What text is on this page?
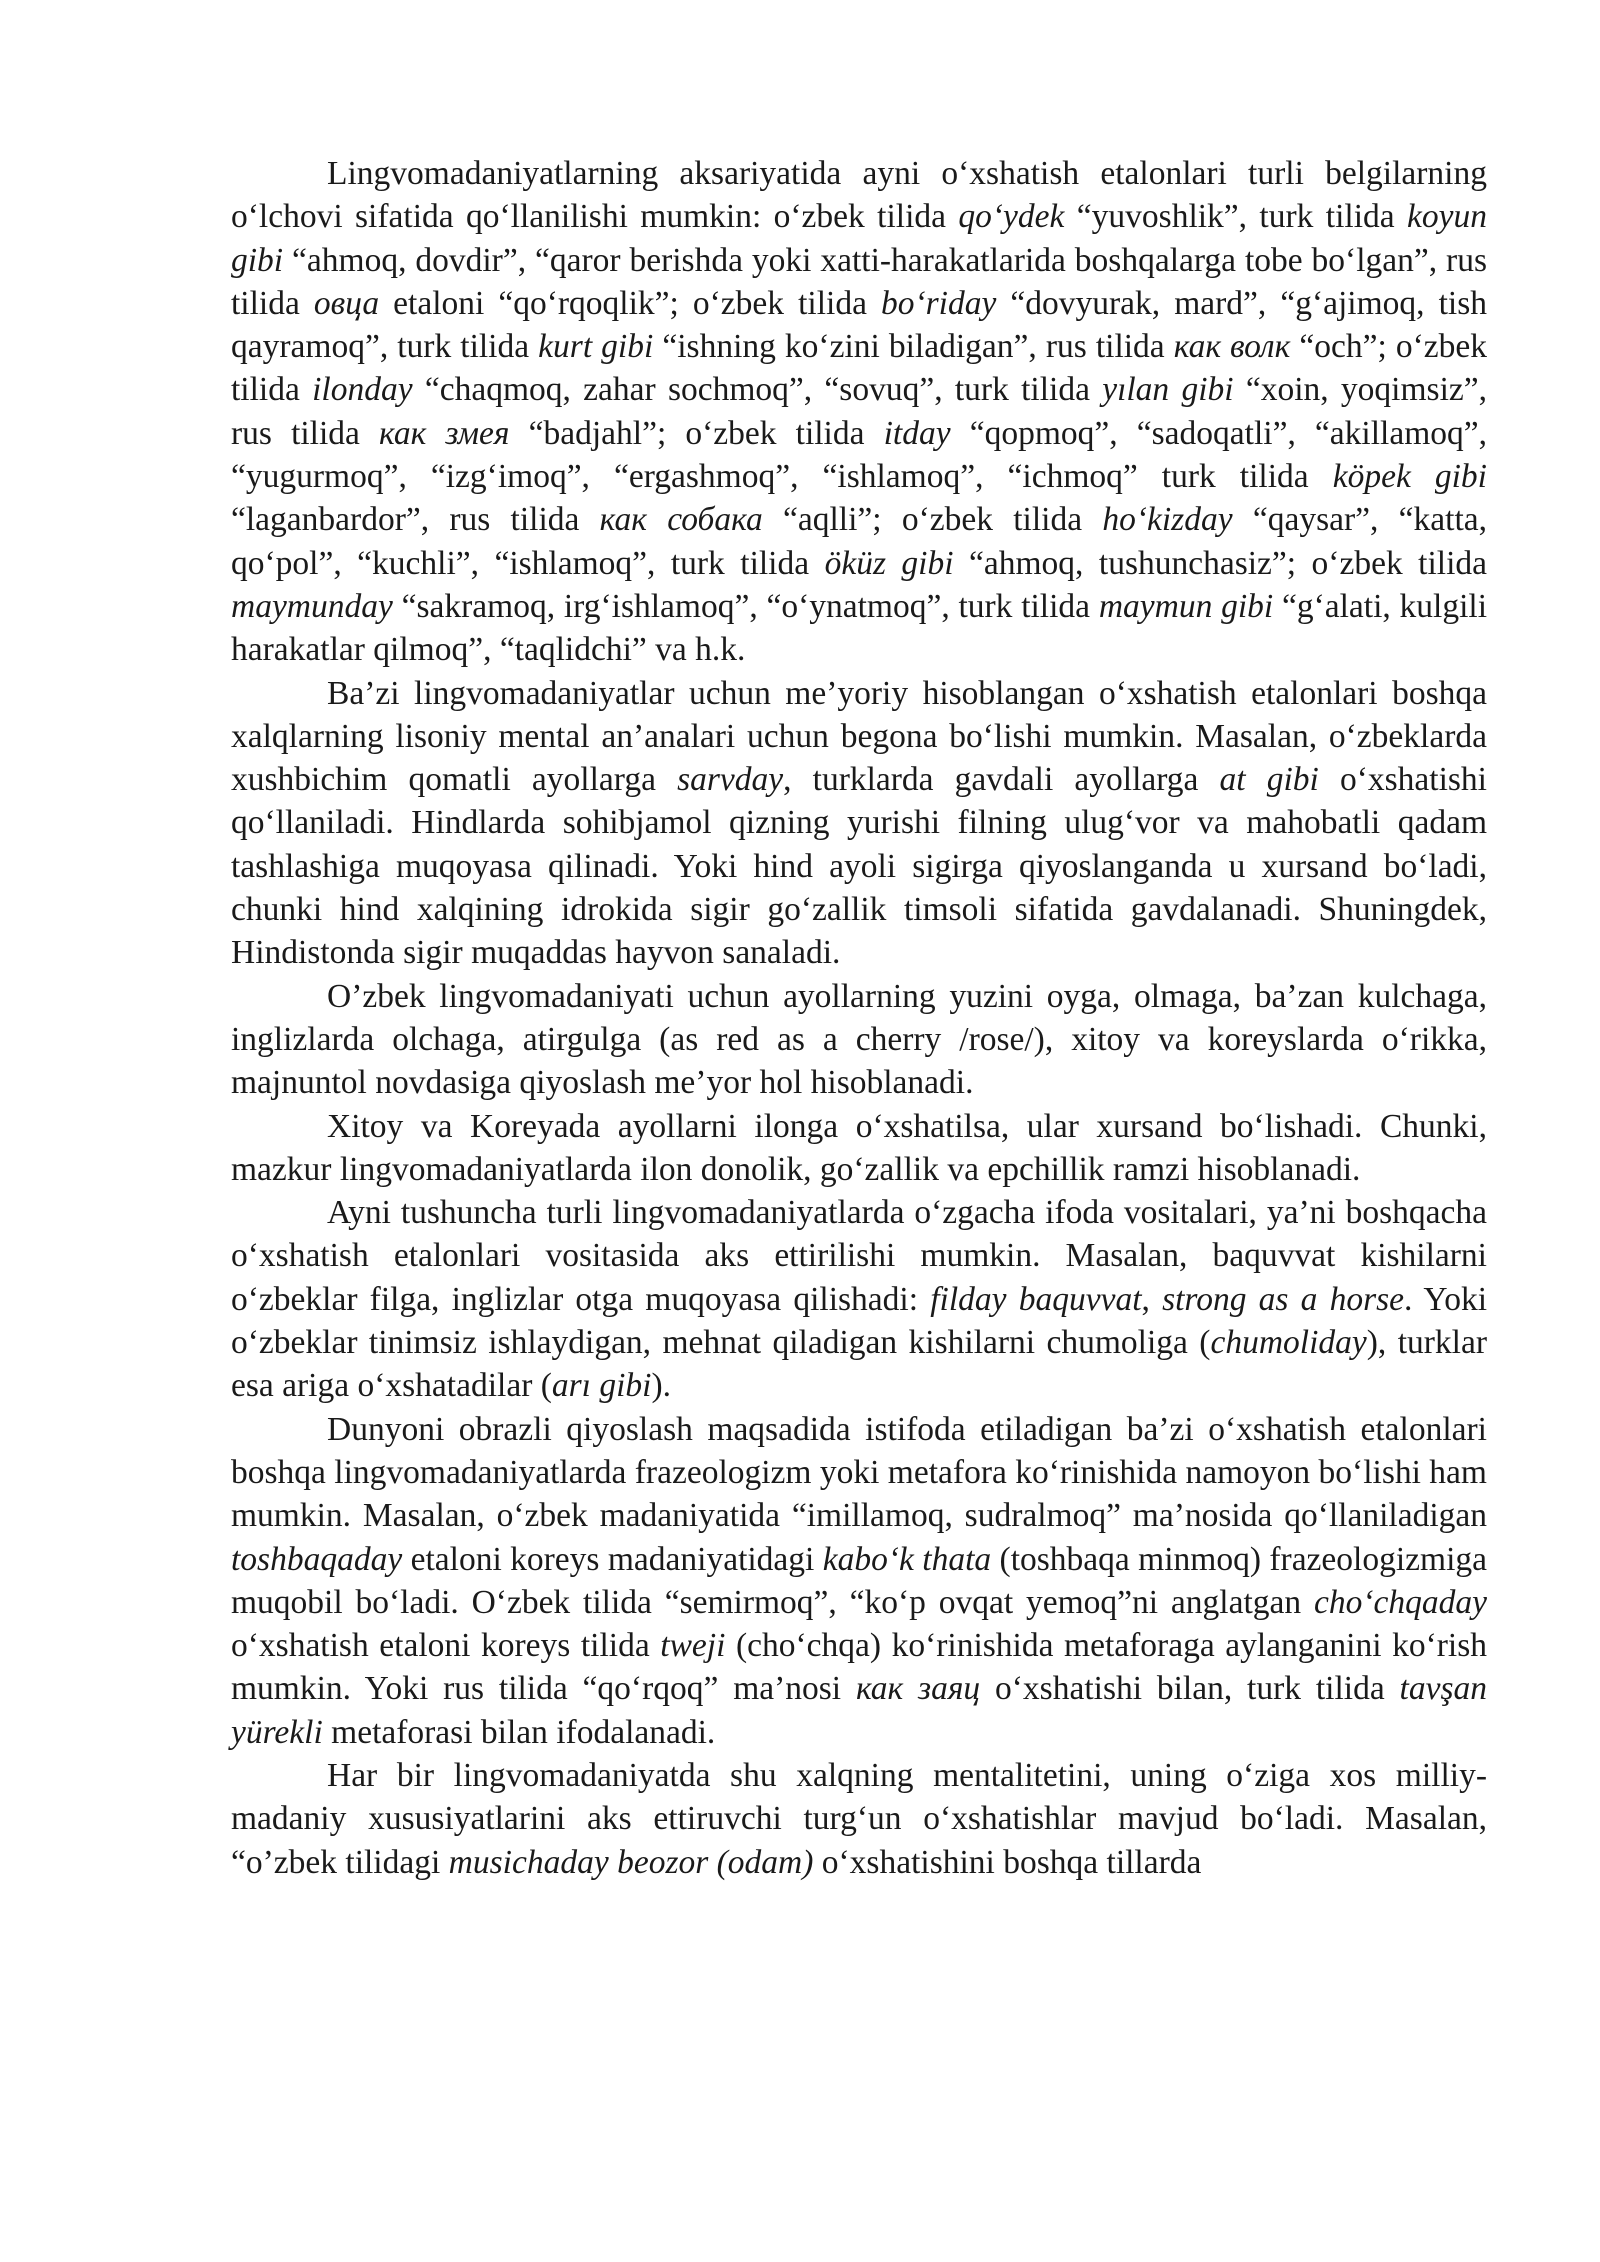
Lingvomadaniyatlarning aksariyatida ayni o‘xshatish etalonlari turli belgilarning o‘lchovi sifatida qo‘llanilishi mumkin: o‘zbek tilida qo‘ydek “yuvoshlik”, turk tilida koyun gibi “ahmoq, dovdir”, “qaror berishda yoki xatti-harakatlarida boshqalarga tobe bo‘lgan”, rus tilida овца etaloni “qo‘rqoqlik”; o‘zbek tilida bo‘riday “dovyurak, mard”, “g‘ajimoq, tish qayramoq”, turk tilida kurt gibi “ishning ko‘zini biladigan”, rus tilida как волк “och”; o‘zbek tilida ilonday “chaqmoq, zahar sochmoq”, “sovuq”, turk tilida yılan gibi “xoin, yoqimsiz”, rus tilida как змея “badjahl”; o‘zbek tilida itday “qopmoq”, “sadoqatli”, “akillamoq”, “yugurmoq”, “izg‘imoq”, “ergashmoq”, “ishlamoq”, “ichmoq” turk tilida köpek gibi “laganbardor”, rus tilida как собака “aqlli”; o‘zbek tilida ho‘kizday “qaysar”, “katta, qo‘pol”, “kuchli”, “ishlamoq”, turk tilida öküz gibi “ahmoq, tushunchasiz”; o‘zbek tilida maymunday “sakramoq, irg‘ishlamoq”, “o‘ynatmoq”, turk tilida maymun gibi “g‘alati, kulgili harakatlar qilmoq”, “taqlidchi” va h.k.

Ba’zi lingvomadaniyatlar uchun me’yoriy hisoblangan o‘xshatish etalonlari boshqa xalqlarning lisoniy mental an’analari uchun begona bo‘lishi mumkin. Masalan, o‘zbeklarda xushbichim qomatli ayollarga sarvday, turklarda gavdali ayollarga at gibi o‘xshatishi qo‘llaniladi. Hindlarda sohibjamol qizning yurishi filning ulug‘vor va mahobatli qadam tashlashiga muqoyasa qilinadi. Yoki hind ayoli sigirga qiyoslanganda u xursand bo‘ladi, chunki hind xalqining idrokida sigir go‘zallik timsoli sifatida gavdalanadi. Shuningdek, Hindistonda sigir muqaddas hayvon sanaladi.

O’zbek lingvomadaniyati uchun ayollarning yuzini oyga, olmaga, ba’zan kulchaga, inglizlarda olchaga, atirgulga (as red as a cherry /rose/), xitoy va koreyslarda o‘rikka, majnuntol novdasiga qiyoslash me’yor hol hisoblanadi.

Xitoy va Koreyada ayollarni ilonga o‘xshatilsa, ular xursand bo‘lishadi. Chunki, mazkur lingvomadaniyatlarda ilon donolik, go‘zallik va epchillik ramzi hisoblanadi.

Ayni tushuncha turli lingvomadaniyatlarda o‘zgacha ifoda vositalari, ya’ni boshqacha o‘xshatish etalonlari vositasida aks ettirilishi mumkin. Masalan, baquvvat kishilarni o‘zbeklar filga, inglizlar otga muqoyasa qilishadi: filday baquvvat, strong as a horse. Yoki o‘zbeklar tinimsiz ishlaydigan, mehnat qiladigan kishilarni chumoliga (chumoliday), turklar esa ariga o‘xshatadilar (arı gibi).

Dunyoni obrazli qiyoslash maqsadida istifoda etiladigan ba’zi o‘xshatish etalonlari boshqa lingvomadaniyatlarda frazeologizm yoki metafora ko‘rinishida namoyon bo‘lishi ham mumkin. Masalan, o‘zbek madaniyatida “imillamoq, sudralmoq” ma’nosida qo‘llaniladigan toshbaqaday etaloni koreys madaniyatidagi kabo‘k thata (toshbaqa minmoq) frazeologizmiga muqobil bo‘ladi. O‘zbek tilida “semirmoq”, “ko‘p ovqat yemoq”ni anglatgan cho‘chqaday o‘xshatish etaloni koreys tilida tweji (cho‘chqa) ko‘rinishida metaforaga aylanganini ko‘rish mumkin. Yoki rus tilida “qo‘rqoq” ma’nosi как заяц o‘xshatishi bilan, turk tilida tavşan yürekli metaforasi bilan ifodalanadi.

Har bir lingvomadaniyatda shu xalqning mentalitetini, uning o‘ziga xos milliy-madaniy xususiyatlarini aks ettiruvchi turg‘un o‘xshatishlar mavjud bo‘ladi. Masalan, “o’zbek tilidagi musichaday beozor (odam) o‘xshatishini boshqa tillarda
